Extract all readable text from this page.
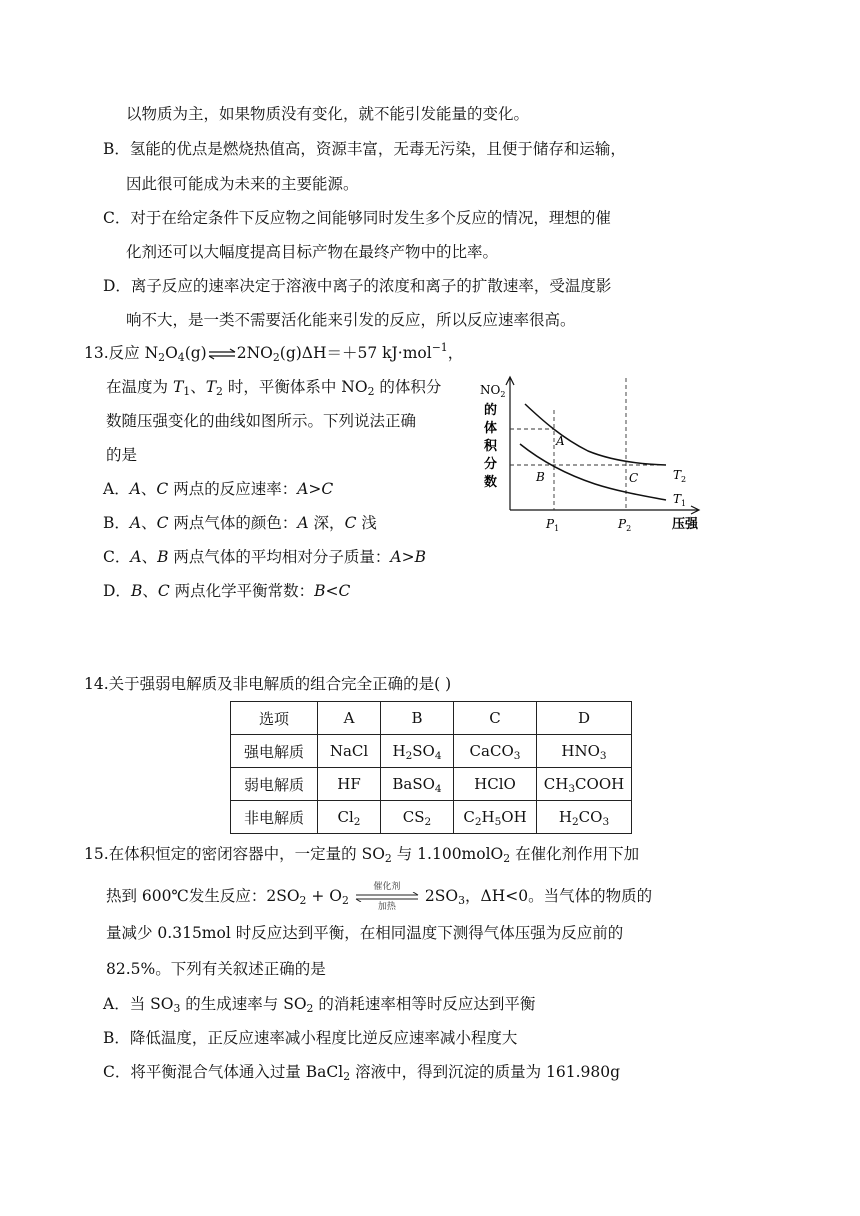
以物质为主，如果物质没有变化，就不能引发能量的变化。
B．氢能的优点是燃烧热值高，资源丰富，无毒无污染，且便于储存和运输，
因此很可能成为未来的主要能源。
C．对于在给定条件下反应物之间能够同时发生多个反应的情况，理想的催
化剂还可以大幅度提高目标产物在最终产物中的比率。
D．离子反应的速率决定于溶液中离子的浓度和离子的扩散速率，受温度影
响不大，是一类不需要活化能来引发的反应，所以反应速率很高。
13.反应 $N_2O_4(g)\rightleftharpoons 2NO_2(g)\Delta H=+57$ kJ·mol$^{-1}$，
在温度为 $T_1$、$T_2$ 时，平衡体系中 $NO_2$ 的体积分
数随压强变化的曲线如图所示。下列说法正确
的是
A．A、C 两点的反应速率：A>C
B．A、C 两点气体的颜色：A 深，C 浅
C．A、B 两点气体的平均相对分子质量：A>B
D．B、C 两点化学平衡常数：B<C
$NO_2$
的
体
积
分
数
A
B	C	$T_2$
$T_1$
$P_1$	$P_2$	压强
14.关于强弱电解质及非电解质的组合完全正确的是( )
选项	A	B	C	D
强电解质	NaCl	$H_2SO_4$	CaCO$_3$	$HNO_3$
弱电解质	HF	BaSO$_4$	HClO	$CH_3COOH$
非电解质	$Cl_2$	$CS_2$	$C_2H_5OH$	$H_2CO_3$
15.在体积恒定的密闭容器中，一定量的 $SO_2$ 与 1.100molO$_2$ 在催化剂作用下加
热到 600℃发生反应：$2SO_2 + O_2$
催化剂
加热
$2SO_3$，ΔH<0。当气体的物质的
量减少 0.315mol 时反应达到平衡，在相同温度下测得气体压强为反应前的
82.5%。下列有关叙述正确的是
A．当 $SO_3$ 的生成速率与 $SO_2$ 的消耗速率相等时反应达到平衡
B．降低温度，正反应速率减小程度比逆反应速率减小程度大
C．将平衡混合气体通入过量 BaCl$_2$ 溶液中，得到沉淀的质量为 161.980g
